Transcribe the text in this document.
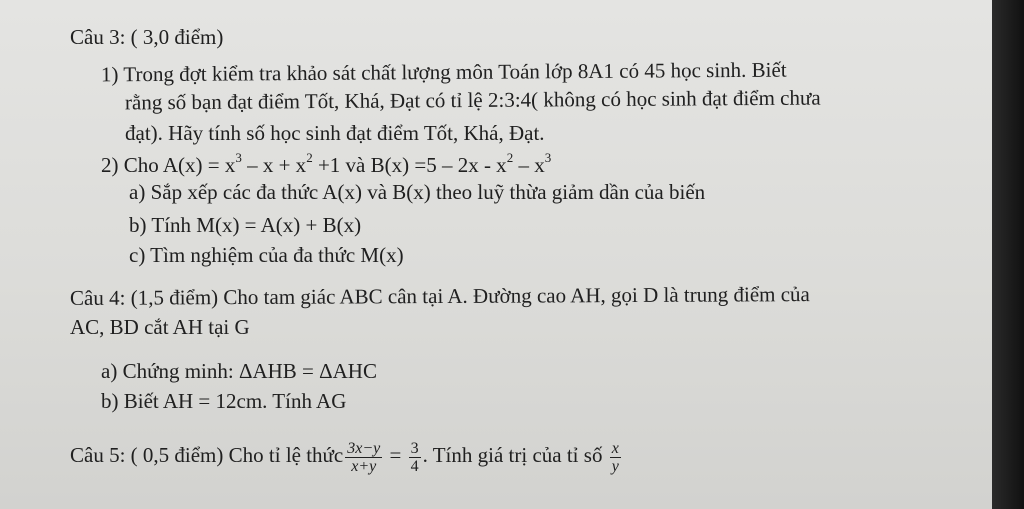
Câu 3: ( 3,0 điểm)
1) Trong đợt kiểm tra khảo sát chất lượng môn Toán lớp 8A1 có 45 học sinh. Biết
rằng số bạn đạt điểm Tốt, Khá, Đạt có tỉ lệ 2:3:4( không có học sinh đạt điểm chưa
đạt). Hãy tính số học sinh đạt điểm Tốt, Khá, Đạt.
2) Cho $A(x) = x^3 - x + x^2 +1$ và $B(x) =5 - 2x - x^2 - x^3$
a) Sắp xếp các đa thức A(x) và B(x) theo luỹ thừa giảm dần của biến
b) Tính M(x) = A(x) + B(x)
c) Tìm nghiệm của đa thức M(x)
Câu 4: (1,5 điểm) Cho tam giác ABC cân tại A. Đường cao AH, gọi D là trung điểm của
AC, BD cắt AH tại G
a) Chứng minh: ΔAHB = ΔAHC
b) Biết AH = 12cm. Tính AG
Câu 5: ( 0,5 điểm) Cho tỉ lệ thức $\frac{3x-y}{x+y} = \frac{3}{4}$ . Tính giá trị của tỉ số $\frac{x}{y}$
